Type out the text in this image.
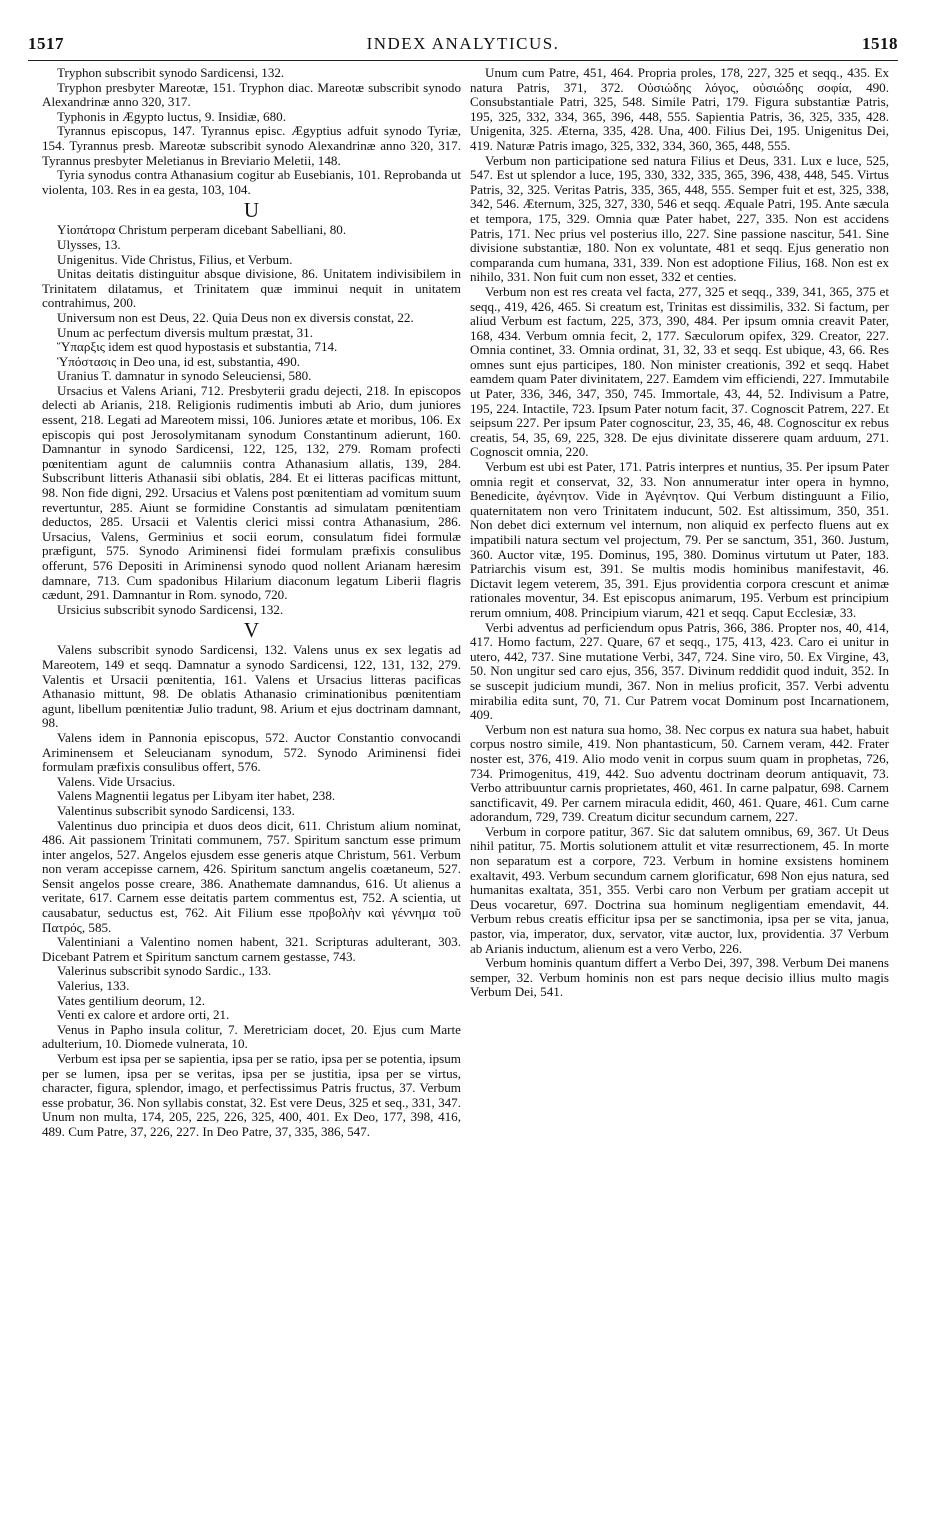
1517	INDEX ANALYTICUS.	1518

Tryphon subscribit synodo Sardicensi, 132.

Tryphon presbyter Mareotæ, 151. Tryphon diac. Mareotæ subscribit synodo Alexandrinæ anno 320, 317.

Typhonis in Ægypto luctus, 9. Insidiæ, 680.

Tyrannus episcopus, 147. Tyrannus episc. Ægyptius adfuit synodo Tyriæ, 154. Tyrannus presb. Mareotæ subscribit synodo Alexandrinæ anno 320, 317. Tyrannus presbyter Meletianus in Breviario Meletii, 148.

Tyria synodus contra Athanasium cogitur ab Eusebianis, 101. Reprobanda ut violenta, 103. Res in ea gesta, 103, 104.

U

Υἱοπάτορα Christum perperam dicebant Sabelliani, 80.

Ulysses, 13.

Unigenitus. Vide Christus, Filius, et Verbum.

Unitas deitatis distinguitur absque divisione, 86. Unitatem indivisibilem in Trinitatem dilatamus, et Trinitatem quæ imminui nequit in unitatem contrahimus, 200.

Universum non est Deus, 22. Quia Deus non ex diversis constat, 22.

Unum ac perfectum diversis multum præstat, 31.

Ὕπαρξις idem est quod hypostasis et substantia, 714.

Ὑπόστασις in Deo una, id est, substantia, 490.

Uranius T. damnatur in synodo Seleuciensi, 580.

Ursacius et Valens Ariani, 712. Presbyterii gradu dejecti, 218. In episcopos delecti ab Arianis, 218. Religionis rudimentis imbuti ab Ario, dum juniores essent, 218. Legati ad Mareotem missi, 106. Juniores ætate et moribus, 106. Ex episcopis qui post Jerosolymitanam synodum Constantinum adierunt, 160. Damnantur in synodo Sardicensi, 122, 125, 132, 279. Romam profecti pœnitentiam agunt de calumniis contra Athanasium allatis, 139, 284. Subscribunt litteris Athanasii sibi oblatis, 284. Et ei litteras pacificas mittunt, 98. Non fide digni, 292. Ursacius et Valens post pœnitentiam ad vomitum suum revertuntur, 285. Aiunt se formidine Constantis ad simulatam pœnitentiam deductos, 285. Ursacii et Valentis clerici missi contra Athanasium, 286. Ursacius, Valens, Germinius et socii eorum, consulatum fidei formulæ præfigunt, 575. Synodo Ariminensi fidei formulam præfixis consulibus offerunt, 576 Depositi in Ariminensi synodo quod nollent Arianam hæresim damnare, 713. Cum spadonibus Hilarium diaconum legatum Liberii flagris cædunt, 291. Damnantur in Rom. synodo, 720.

Ursicius subscribit synodo Sardicensi, 132.

V

Valens subscribit synodo Sardicensi, 132. Valens unus ex sex legatis ad Mareotem, 149 et seqq. Damnatur a synodo Sardicensi, 122, 131, 132, 279. Valentis et Ursacii pœnitentia, 161. Valens et Ursacius litteras pacificas Athanasio mittunt, 98. De oblatis Athanasio criminationibus pœnitentiam agunt, libellum pœnitentiæ Julio tradunt, 98. Arium et ejus doctrinam damnant, 98.

Valens idem in Pannonia episcopus, 572. Auctor Constantio convocandi Ariminensem et Seleucianam synodum, 572. Synodo Ariminensi fidei formulam præfixis consulibus offert, 576.

Valens. Vide Ursacius.

Valens Magnentii legatus per Libyam iter habet, 238.

Valentinus subscribit synodo Sardicensi, 133.

Valentinus duo principia et duos deos dicit, 611. Christum alium nominat, 486. Ait passionem Trinitati communem, 757. Spiritum sanctum esse primum inter angelos, 527. Angelos ejusdem esse generis atque Christum, 561. Verbum non veram accepisse carnem, 426. Spiritum sanctum angelis coætaneum, 527. Sensit angelos posse creare, 386. Anathemate damnandus, 616. Ut alienus a veritate, 617. Carnem esse deitatis partem commentus est, 752. A scientia, ut causabatur, seductus est, 762. Ait Filium esse προβολὴν καὶ γέννημα τοῦ Πατρός, 585.

Valentiniani a Valentino nomen habent, 321. Scripturas adulterant, 303. Dicebant Patrem et Spiritum sanctum carnem gestasse, 743.

Valerinus subscribit synodo Sardic., 133.

Valerius, 133.

Vates gentilium deorum, 12.

Venti ex calore et ardore orti, 21.

Venus in Papho insula colitur, 7. Meretriciam docet, 20. Ejus cum Marte adulterium, 10. Diomede vulnerata, 10.

Verbum est ipsa per se sapientia, ipsa per se ratio, ipsa per se potentia, ipsum per se lumen, ipsa per se veritas, ipsa per se justitia, ipsa per se virtus, character, figura, splendor, imago, et perfectissimus Patris fructus, 37. Verbum esse probatur, 36. Non syllabis constat, 32. Est vere Deus, 325 et seq., 331, 347. Unum non multa, 174, 205, 225, 226, 325, 400, 401. Ex Deo, 177, 398, 416, 489. Cum Patre, 37, 226, 227. In Deo Patre, 37, 335, 386, 547.

Unum cum Patre, 451, 464. Propria proles, 178, 227, 325 et seqq., 435. Ex natura Patris, 371, 372. Οὐσιώδης λόγος, οὐσιώδης σοφία, 490. Consubstantiale Patri, 325, 548. Simile Patri, 179. Figura substantiæ Patris, 195, 325, 332, 334, 365, 396, 448, 555. Sapientia Patris, 36, 325, 335, 428. Unigenita, 325. Æterna, 335, 428. Una, 400. Filius Dei, 195. Unigenitus Dei, 419. Naturæ Patris imago, 325, 332, 334, 360, 365, 448, 555.

Verbum non participatione sed natura Filius et Deus, 331. Lux e luce, 525, 547. Est ut splendor a luce, 195, 330, 332, 335, 365, 396, 438, 448, 545. Virtus Patris, 32, 325. Veritas Patris, 335, 365, 448, 555. Semper fuit et est, 325, 338, 342, 546. Æternum, 325, 327, 330, 546 et seqq. Æquale Patri, 195. Ante sæcula et tempora, 175, 329. Omnia quæ Pater habet, 227, 335. Non est accidens Patris, 171. Nec prius vel posterius illo, 227. Sine passione nascitur, 541. Sine divisione substantiæ, 180. Non ex voluntate, 481 et seqq. Ejus generatio non comparanda cum humana, 331, 339. Non est adoptione Filius, 168. Non est ex nihilo, 331. Non fuit cum non esset, 332 et centies.

Verbum non est res creata vel facta, 277, 325 et seqq., 339, 341, 365, 375 et seqq., 419, 426, 465. Si creatum est, Trinitas est dissimilis, 332. Si factum, per aliud Verbum est factum, 225, 373, 390, 484. Per ipsum omnia creavit Pater, 168, 434. Verbum omnia fecit, 2, 177. Sæculorum opifex, 329. Creator, 227. Omnia continet, 33. Omnia ordinat, 31, 32, 33 et seqq. Est ubique, 43, 66. Res omnes sunt ejus participes, 180. Non minister creationis, 392 et seqq. Habet eamdem quam Pater divinitatem, 227. Eamdem vim efficiendi, 227. Immutabile ut Pater, 336, 346, 347, 350, 745. Immortale, 43, 44, 52. Indivisum a Patre, 195, 224. Intactile, 723. Ipsum Pater notum facit, 37. Cognoscit Patrem, 227. Et seipsum 227. Per ipsum Pater cognoscitur, 23, 35, 46, 48. Cognoscitur ex rebus creatis, 54, 35, 69, 225, 328. De ejus divinitate disserere quam arduum, 271. Cognoscit omnia, 220.

Verbum est ubi est Pater, 171. Patris interpres et nuntius, 35. Per ipsum Pater omnia regit et conservat, 32, 33. Non annumeratur inter opera in hymno, Benedicite, ἀγένητον. Vide in Ἀγένητον. Qui Verbum distinguunt a Filio, quaternitatem non vero Trinitatem inducunt, 502. Est altissimum, 350, 351. Non debet dici externum vel internum, non aliquid ex perfecto fluens aut ex impatibili natura sectum vel projectum, 79. Per se sanctum, 351, 360. Justum, 360. Auctor vitæ, 195. Dominus, 195, 380. Dominus virtutum ut Pater, 183. Patriarchis visum est, 391. Se multis modis hominibus manifestavit, 46. Dictavit legem veterem, 35, 391. Ejus providentia corpora crescunt et animæ rationales moventur, 34. Est episcopus animarum, 195. Verbum est principium rerum omnium, 408. Principium viarum, 421 et seqq. Caput Ecclesiæ, 33.

Verbi adventus ad perficiendum opus Patris, 366, 386. Propter nos, 40, 414, 417. Homo factum, 227. Quare, 67 et seqq., 175, 413, 423. Caro ei unitur in utero, 442, 737. Sine mutatione Verbi, 347, 724. Sine viro, 50. Ex Virgine, 43, 50. Non ungitur sed caro ejus, 356, 357. Divinum reddidit quod induit, 352. In se suscepit judicium mundi, 367. Non in melius proficit, 357. Verbi adventu mirabilia edita sunt, 70, 71. Cur Patrem vocat Dominum post Incarnationem, 409.

Verbum non est natura sua homo, 38. Nec corpus ex natura sua habet, habuit corpus nostro simile, 419. Non phantasticum, 50. Carnem veram, 442. Frater noster est, 376, 419. Alio modo venit in corpus suum quam in prophetas, 726, 734. Primogenitus, 419, 442. Suo adventu doctrinam deorum antiquavit, 73. Verbo attribuuntur carnis proprietates, 460, 461. In carne palpatur, 698. Carnem sanctificavit, 49. Per carnem miracula edidit, 460, 461. Quare, 461. Cum carne adorandum, 729, 739. Creatum dicitur secundum carnem, 227.

Verbum in corpore patitur, 367. Sic dat salutem omnibus, 69, 367. Ut Deus nihil patitur, 75. Mortis solutionem attulit et vitæ resurrectionem, 45. In morte non separatum est a corpore, 723. Verbum in homine exsistens hominem exaltavit, 493. Verbum secundum carnem glorificatur, 698 Non ejus natura, sed humanitas exaltata, 351, 355. Verbi caro non Verbum per gratiam accepit ut Deus vocaretur, 697. Doctrina sua hominum negligentiam emendavit, 44. Verbum rebus creatis efficitur ipsa per se sanctimonia, ipsa per se vita, janua, pastor, via, imperator, dux, servator, vitæ auctor, lux, providentia. 37 Verbum ab Arianis inductum, alienum est a vero Verbo, 226.

Verbum hominis quantum differt a Verbo Dei, 397, 398. Verbum Dei manens semper, 32. Verbum hominis non est pars neque decisio illius multo magis Verbum Dei, 541.
